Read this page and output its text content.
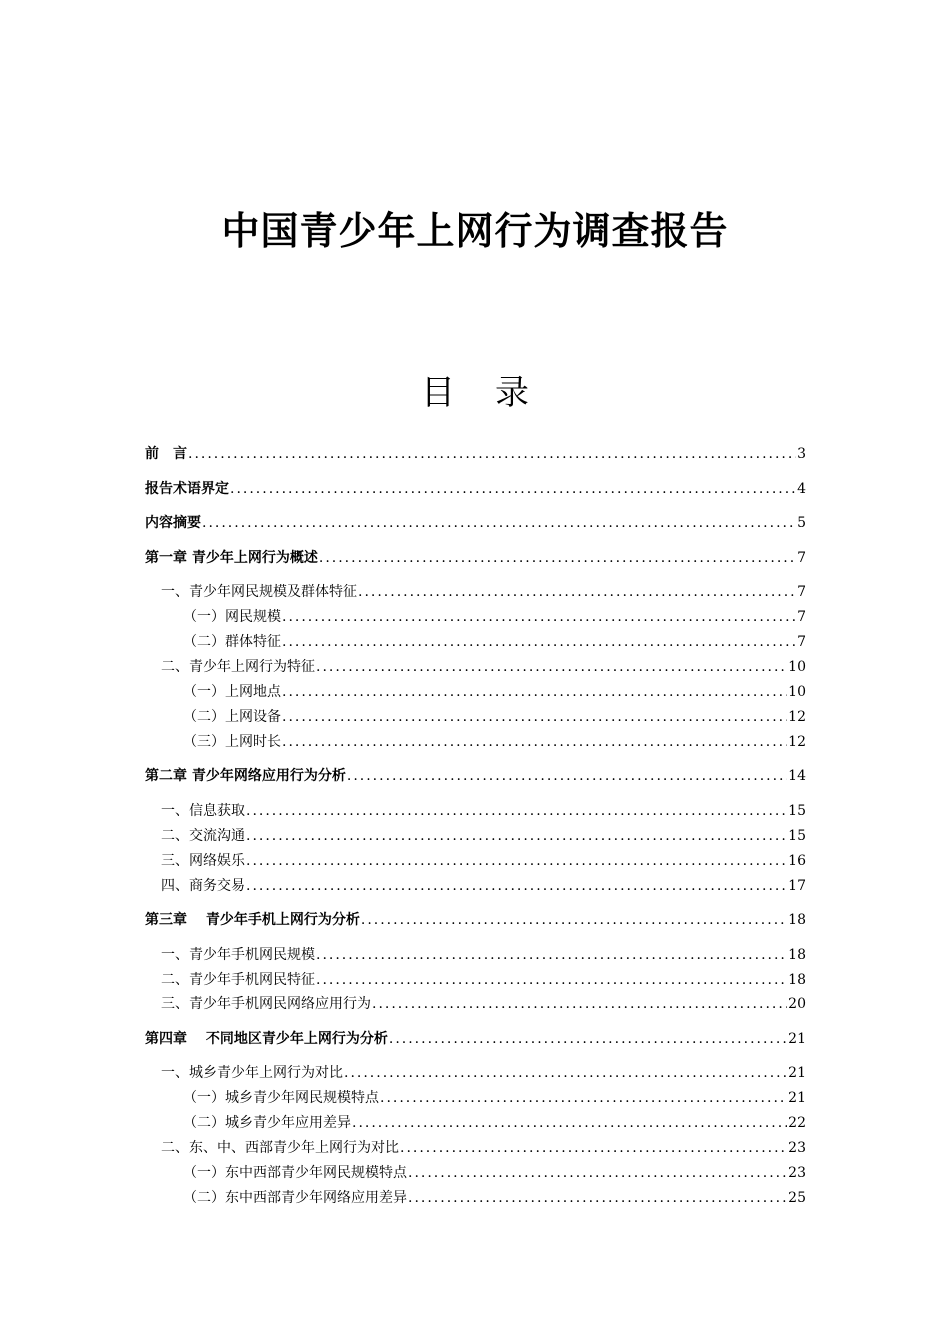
中国青少年上网行为调查报告
目 录
前　言 .....	3
报告术语界定 .....	4
内容摘要 .....	5
第一章 青少年上网行为概述 .....	7
一、青少年网民规模及群体特征 .....	7
（一）网民规模 .....	7
（二）群体特征 .....	7
二、青少年上网行为特征 .....	10
（一）上网地点 .....	10
（二）上网设备 .....	12
（三）上网时长 .....	12
第二章 青少年网络应用行为分析 .....	14
一、信息获取 .....	15
二、交流沟通 .....	15
三、网络娱乐 .....	16
四、商务交易 .....	17
第三章　 青少年手机上网行为分析 .....	18
一、青少年手机网民规模 .....	18
二、青少年手机网民特征 .....	18
三、青少年手机网民网络应用行为 .....	20
第四章　 不同地区青少年上网行为分析 .....	21
一、城乡青少年上网行为对比 .....	21
（一）城乡青少年网民规模特点 .....	21
（二）城乡青少年应用差异 .....	22
二、东、中、西部青少年上网行为对比 .....	23
（一）东中西部青少年网民规模特点 .....	23
（二）东中西部青少年网络应用差异 .....	25
